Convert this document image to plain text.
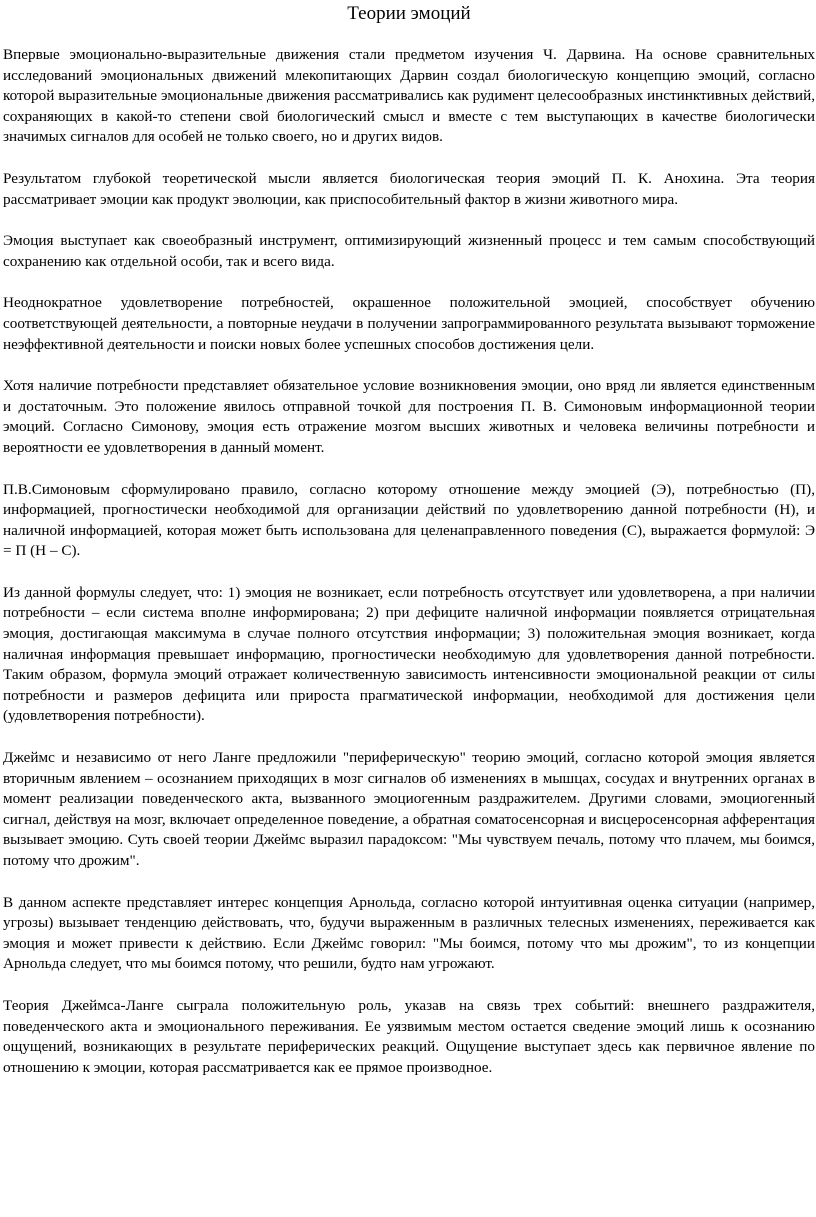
Теории эмоций

Впервые эмоционально-выразительные движения стали предметом изучения Ч. Дарвина. На основе сравнительных исследований эмоциональных движений млекопитающих Дарвин создал биологическую концепцию эмоций, согласно которой выразительные эмоциональные движения рассматривались как рудимент целесообразных инстинктивных действий, сохраняющих в какой-то степени свой биологический смысл и вместе с тем выступающих в качестве биологически значимых сигналов для особей не только своего, но и других видов.

Результатом глубокой теоретической мысли является биологическая теория эмоций П. К. Анохина. Эта теория рассматривает эмоции как продукт эволюции, как приспособительный фактор в жизни животного мира.

Эмоция выступает как своеобразный инструмент, оптимизирующий жизненный процесс и тем самым способствующий сохранению как отдельной особи, так и всего вида.

Неоднократное удовлетворение потребностей, окрашенное положительной эмоцией, способствует обучению соответствующей деятельности, а повторные неудачи в получении запрограммированного результата вызывают торможение неэффективной деятельности и поиски новых более успешных способов достижения цели.

Хотя наличие потребности представляет обязательное условие возникновения эмоции, оно вряд ли является единственным и достаточным. Это положение явилось отправной точкой для построения П. В. Симоновым информационной теории эмоций. Согласно Симонову, эмоция есть отражение мозгом высших животных и человека величины потребности и вероятности ее удовлетворения в данный момент.

П.В.Симоновым сформулировано правило, согласно которому отношение между эмоцией (Э), потребностью (П), информацией, прогностически необходимой для организации действий по удовлетворению данной потребности (Н), и наличной информацией, которая может быть использована для целенаправленного поведения (С), выражается формулой: Э = П (Н – С).

Из данной формулы следует, что: 1) эмоция не возникает, если потребность отсутствует или удовлетворена, а при наличии потребности – если система вполне информирована; 2) при дефиците наличной информации появляется отрицательная эмоция, достигающая максимума в случае полного отсутствия информации; 3) положительная эмоция возникает, когда наличная информация превышает информацию, прогностически необходимую для удовлетворения данной потребности. Таким образом, формула эмоций отражает количественную зависимость интенсивности эмоциональной реакции от силы потребности и размеров дефицита или прироста прагматической информации, необходимой для достижения цели (удовлетворения потребности).

Джеймс и независимо от него Ланге предложили "периферическую" теорию эмоций, согласно которой эмоция является вторичным явлением – осознанием приходящих в мозг сигналов об изменениях в мышцах, сосудах и внутренних органах в момент реализации поведенческого акта, вызванного эмоциогенным раздражителем. Другими словами, эмоциогенный сигнал, действуя на мозг, включает определенное поведение, а обратная соматосенсорная и висцеросенсорная афферентация вызывает эмоцию. Суть своей теории Джеймс выразил парадоксом: "Мы чувствуем печаль, потому что плачем, мы боимся, потому что дрожим".

В данном аспекте представляет интерес концепция Арнольда, согласно которой интуитивная оценка ситуации (например, угрозы) вызывает тенденцию действовать, что, будучи выраженным в различных телесных изменениях, переживается как эмоция и может привести к действию. Если Джеймс говорил: "Мы боимся, потому что мы дрожим", то из концепции Арнольда следует, что мы боимся потому, что решили, будто нам угрожают.

Теория Джеймса-Ланге сыграла положительную роль, указав на связь трех событий: внешнего раздражителя, поведенческого акта и эмоционального переживания. Ее уязвимым местом остается сведение эмоций лишь к осознанию ощущений, возникающих в результате периферических реакций. Ощущение выступает здесь как первичное явление по отношению к эмоции, которая рассматривается как ее прямое производное.
